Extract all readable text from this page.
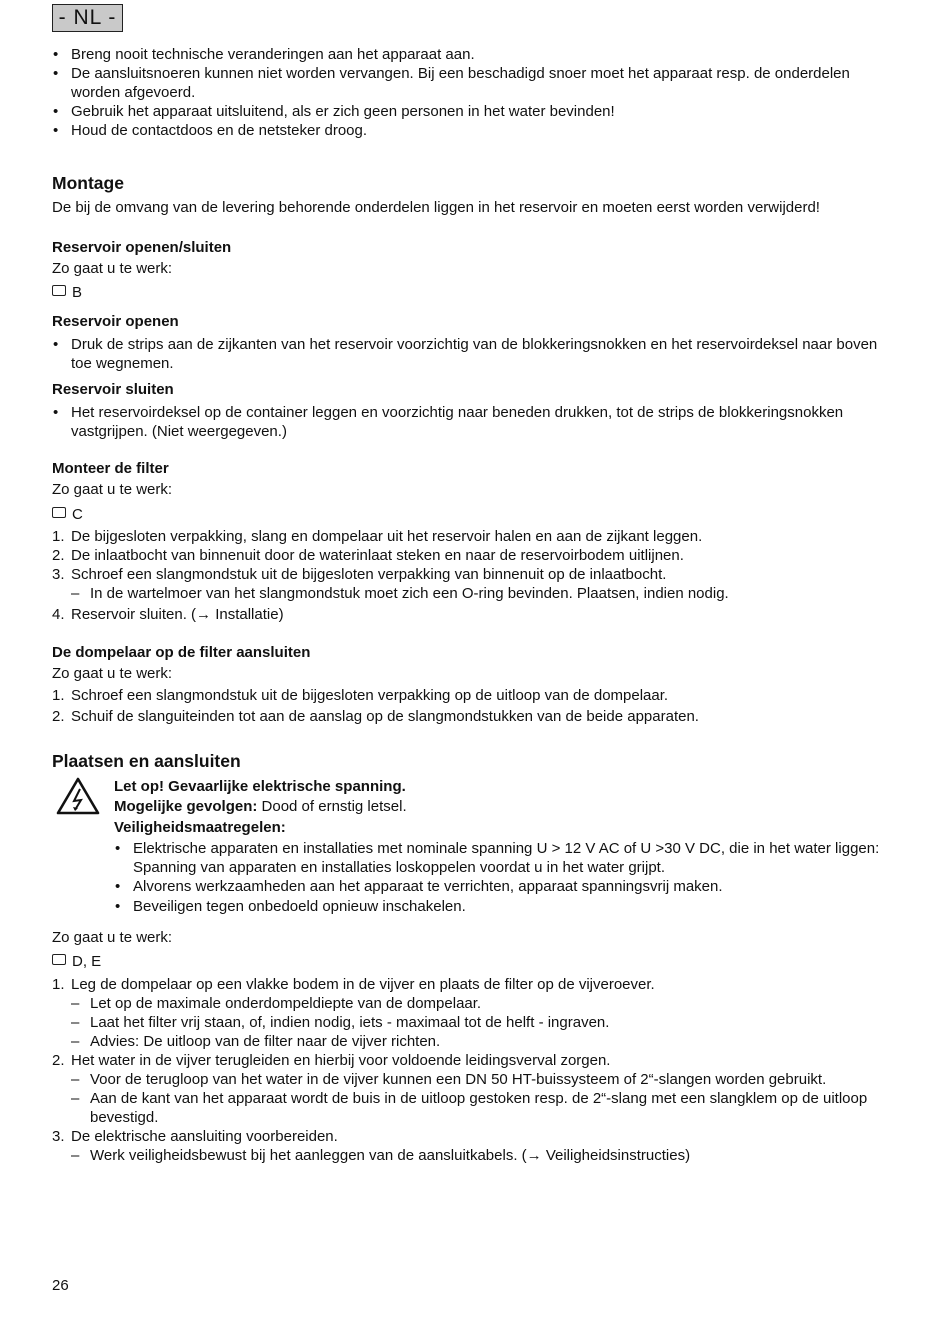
- NL -
• Breng nooit technische veranderingen aan het apparaat aan.
• De aansluitsnoeren kunnen niet worden vervangen. Bij een beschadigd snoer moet het apparaat resp. de onderdelen worden afgevoerd.
• Gebruik het apparaat uitsluitend, als er zich geen personen in het water bevinden!
• Houd de contactdoos en de netsteker droog.
Montage
De bij de omvang van de levering behorende onderdelen liggen in het reservoir en moeten eerst worden verwijderd!
Reservoir openen/sluiten
Zo gaat u te werk:
B
Reservoir openen
• Druk de strips aan de zijkanten van het reservoir voorzichtig van de blokkeringsnokken en het reservoirdeksel naar boven toe wegnemen.
Reservoir sluiten
• Het reservoirdeksel op de container leggen en voorzichtig naar beneden drukken, tot de strips de blokkeringsnokken vastgrijpen. (Niet weergegeven.)
Monteer de filter
Zo gaat u te werk:
C
1. De bijgesloten verpakking, slang en dompelaar uit het reservoir halen en aan de zijkant leggen.
2. De inlaatbocht van binnenuit door de waterinlaat steken en naar de reservoirbodem uitlijnen.
3. Schroef een slangmondstuk uit de bijgesloten verpakking van binnenuit op de inlaatbocht.
– In de wartelmoer van het slangmondstuk moet zich een O-ring bevinden. Plaatsen, indien nodig.
4. Reservoir sluiten. (→ Installatie)
De dompelaar op de filter aansluiten
Zo gaat u te werk:
1. Schroef een slangmondstuk uit de bijgesloten verpakking op de uitloop van de dompelaar.
2. Schuif de slanguiteinden tot aan de aanslag op de slangmondstukken van de beide apparaten.
Plaatsen en aansluiten
Let op! Gevaarlijke elektrische spanning.
Mogelijke gevolgen: Dood of ernstig letsel.
Veiligheidsmaatregelen:
• Elektrische apparaten en installaties met nominale spanning U > 12 V AC of U >30 V DC, die in het water liggen: Spanning van apparaten en installaties loskoppelen voordat u in het water grijpt.
• Alvorens werkzaamheden aan het apparaat te verrichten, apparaat spanningsvrij maken.
• Beveiligen tegen onbedoeld opnieuw inschakelen.
Zo gaat u te werk:
D, E
1. Leg de dompelaar op een vlakke bodem in de vijver en plaats de filter op de vijveroever.
– Let op de maximale onderdompeldiepte van de dompelaar.
– Laat het filter vrij staan, of, indien nodig, iets - maximaal tot de helft - ingraven.
– Advies: De uitloop van de filter naar de vijver richten.
2. Het water in de vijver terugleiden en hierbij voor voldoende leidingsverval zorgen.
– Voor de terugloop van het water in de vijver kunnen een DN 50 HT-buissysteem of 2“-slangen worden gebruikt.
– Aan de kant van het apparaat wordt de buis in de uitloop gestoken resp. de 2“-slang met een slangklem op de uitloop bevestigd.
3. De elektrische aansluiting voorbereiden.
– Werk veiligheidsbewust bij het aanleggen van de aansluitkabels. (→ Veiligheidsinstructies)
26
